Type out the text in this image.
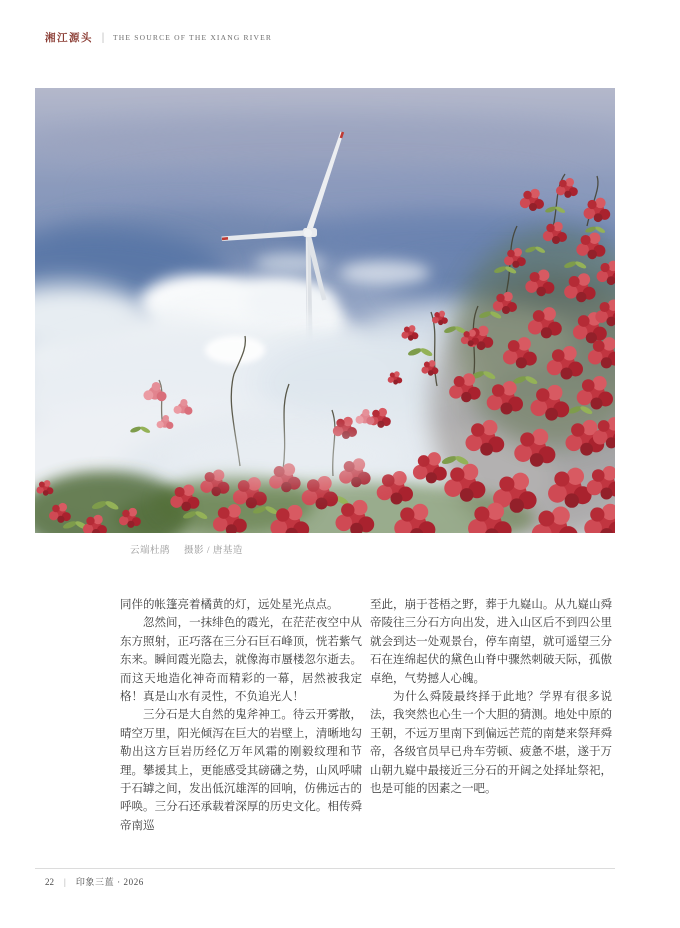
湘江源头 | THE SOURCE OF THE XIANG RIVER
云端杜鹃 摄影 / 唐基造

同伴的帐篷亮着橘黄的灯，远处星光点点。

忽然间，一抹绯色的霞光，在茫茫夜空中从东方照射，正巧落在三分石巨石峰顶，恍若紫气东来。瞬间霞光隐去，就像海市蜃楼忽尔逝去。而这天地造化神奇而精彩的一幕，居然被我定格！真是山水有灵性，不负追光人！

三分石是大自然的鬼斧神工。待云开雾散，晴空万里，阳光倾泻在巨大的岩壁上，清晰地勾勒出这方巨岩历经亿万年风霜的刚毅纹理和节理。攀援其上，更能感受其磅礴之势，山风呼啸于石罅之间，发出低沉雄浑的回响，仿佛远古的呼唤。三分石还承载着深厚的历史文化。相传舜帝南巡

至此，崩于苍梧之野，葬于九嶷山。从九嶷山舜帝陵往三分石方向出发，进入山区后不到四公里就会到达一处观景台，停车南望，就可遥望三分石在连绵起伏的黛色山脊中骤然刺破天际，孤傲卓绝，气势撼人心魄。

为什么舜陵最终择于此地？学界有很多说法，我突然也心生一个大胆的猜测。地处中原的王朝，不远万里南下到偏远芒荒的南楚来祭拜舜帝，各级官员早已舟车劳顿、疲惫不堪，遂于万山朝九嶷中最接近三分石的开阔之处择址祭祀，也是可能的因素之一吧。

22 | 印象三蓝 · 2026
